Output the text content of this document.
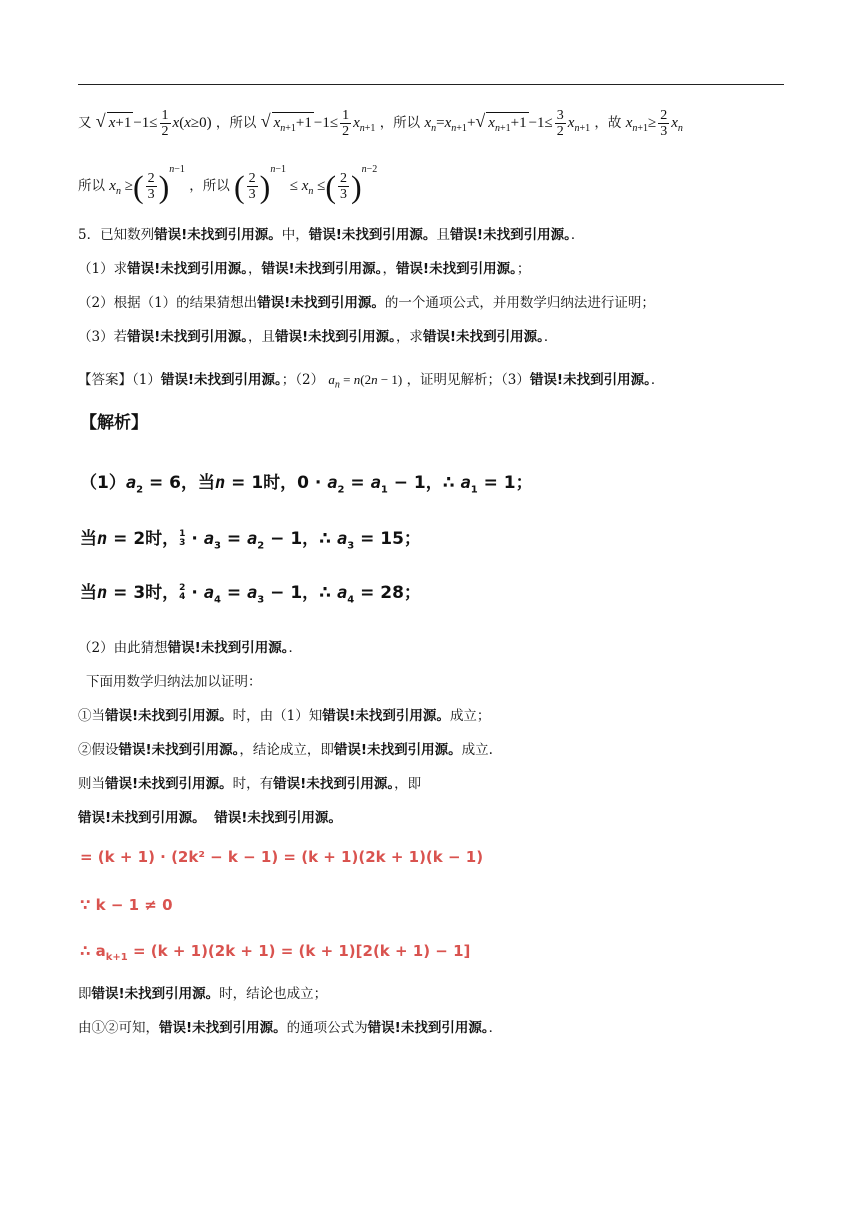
又 √ $x+1 -1\le \frac{1}{2} x(x\ge 0)$ ，所以 √ $x_{n+1}+1 -1\le \frac{1}{2} x_{n+1}$ ，所以 $x_n=x_{n+1}+√$ $x_{n+1}+1 -1\le \frac{3}{2} x_{n+1}$ ，故 $x_{n+1}\ge \frac{2}{3} x_n$
所以 $x_n$ ≥( $\frac{2}{3} )^{n-1}$ ，所以 ( $\frac{2}{3} )^{n-1} \le x_n$ ≤( $\frac{2}{3} )^{n-2}$
5．已知数列错误!未找到引用源。中，错误!未找到引用源。且错误!未找到引用源。．
（1）求错误!未找到引用源。，错误!未找到引用源。，错误!未找到引用源。；
（2）根据（1）的结果猜想出错误!未找到引用源。的一个通项公式，并用数学归纳法进行证明；
（3）若错误!未找到引用源。，且错误!未找到引用源。，求错误!未找到引用源。．
【答案】（1）错误!未找到引用源。；（2） $a_n = n(2n - 1)$ ，证明见解析；（3）错误!未找到引用源。．
【解析】
$(1)a_2 = 6$，当n = 1时，$0 \cdot a_2 = a_1 - 1$，∴ $a_1 = 1$；
当n = 2时， 1
$3 \cdot a_3 = a_2 - 1$，∴ $a_3 = 15$；
当n = 3时， 2
$4 \cdot a_4 = a_3 - 1$，∴ $a_4 = 28$；
（2）由此猜想错误!未找到引用源。．
下面用数学归纳法加以证明：
①当错误!未找到引用源。时，由（1）知错误!未找到引用源。成立；
②假设错误!未找到引用源。，结论成立，即错误!未找到引用源。成立.
则当错误!未找到引用源。时，有错误!未找到引用源。，即
错误!未找到引用源。 错误!未找到引用源。
= (k + 1) · (2k² − k − 1) = (k + 1)(2k + 1)(k − 1)
∵ k − 1 ≠ 0
∴ $a_{k+1} = (k + 1)(2k + 1) = (k + 1)[2(k + 1) - 1]$
即错误!未找到引用源。时，结论也成立；
由①②可知，错误!未找到引用源。的通项公式为错误!未找到引用源。．
